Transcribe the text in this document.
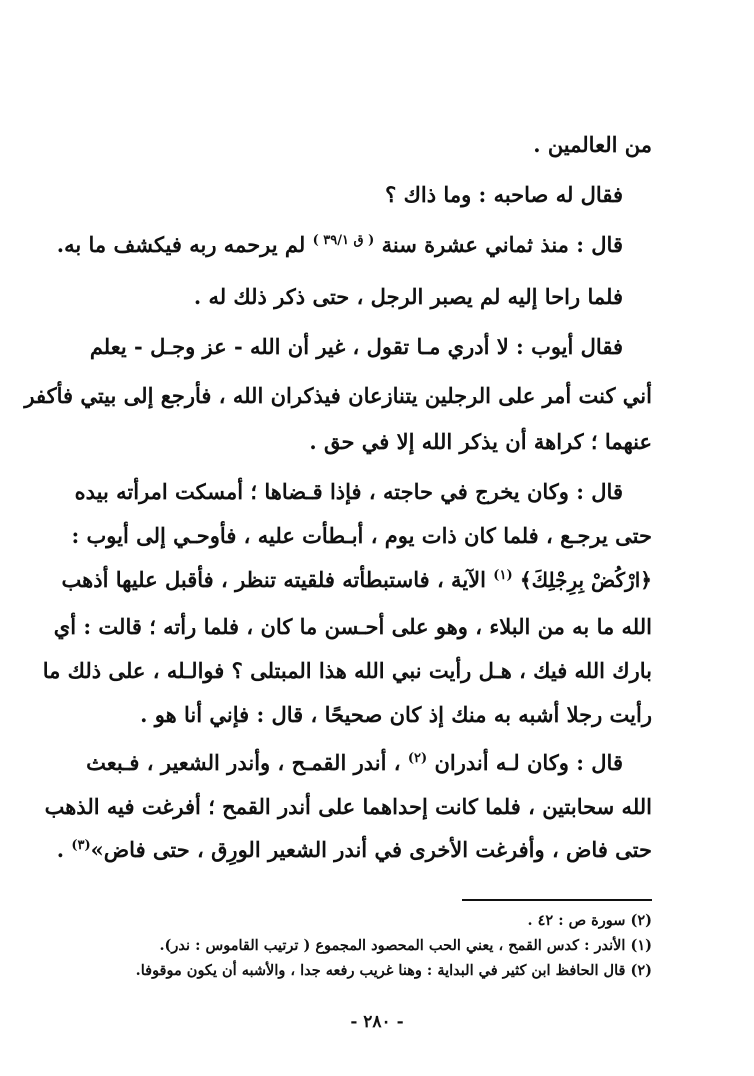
من العالمين .
فقال له صاحبه : وما ذاك ؟
قال : منذ ثماني عشرة سنة $^{( ق ٣٩/١ )}$ لم يرحمه ربه فيكشف ما به.
فلما راحا إليه لم يصبر الرجل ، حتى ذكر ذلك له .
فقال أيوب : لا أدري مـا تقول ، غير أن الله - عز وجـل - يعلم
أني كنت أمر على الرجلين يتنازعان فيذكران الله ، فأرجع إلى بيتي فأكفر
عنهما ؛ كراهة أن يذكر الله إلا في حق .
قال : وكان يخرج في حاجته ، فإذا قـضاها ؛ أمسكت امرأته بيده
حتى يرجـع ، فلما كان ذات يوم ، أبـطأت عليه ، فأوحـي إلى أيوب :
﴿ارْكُضْ بِرِجْلِكَ﴾ $^{(١)}$ الآية ، فاستبطأته فلقيته تنظر ، فأقبل عليها أذهب
الله ما به من البلاء ، وهو على أحـسن ما كان ، فلما رأته ؛ قالت : أي
بارك الله فيك ، هـل رأيت نبي الله هذا المبتلى ؟ فوالـله ، على ذلك ما
رأيت رجلا أشبه به منك إذ كان صحيحًا ، قال : فإني أنا هو .
قال : وكان لـه أندران $^{(٢)}$ ، أندر القمـح ، وأندر الشعير ، فـبعث
الله سحابتين ، فلما كانت إحداهما على أندر القمح ؛ أفرغت فيه الذهب
حتى فاض ، وأفرغت الأخرى في أندر الشعير الورِق ، حتى فاض»$^{(٣)}$ .
(٢) سورة ص : ٤٢ .
(١) الأندر : كدس القمح ، يعني الحب المحصود المجموع ( ترتيب القاموس : ندر).
(٢) قال الحافظ ابن كثير في البداية : وهنا غريب رفعه جدا ، والأشبه أن يكون موقوفا.
- ٢٨٠ -
